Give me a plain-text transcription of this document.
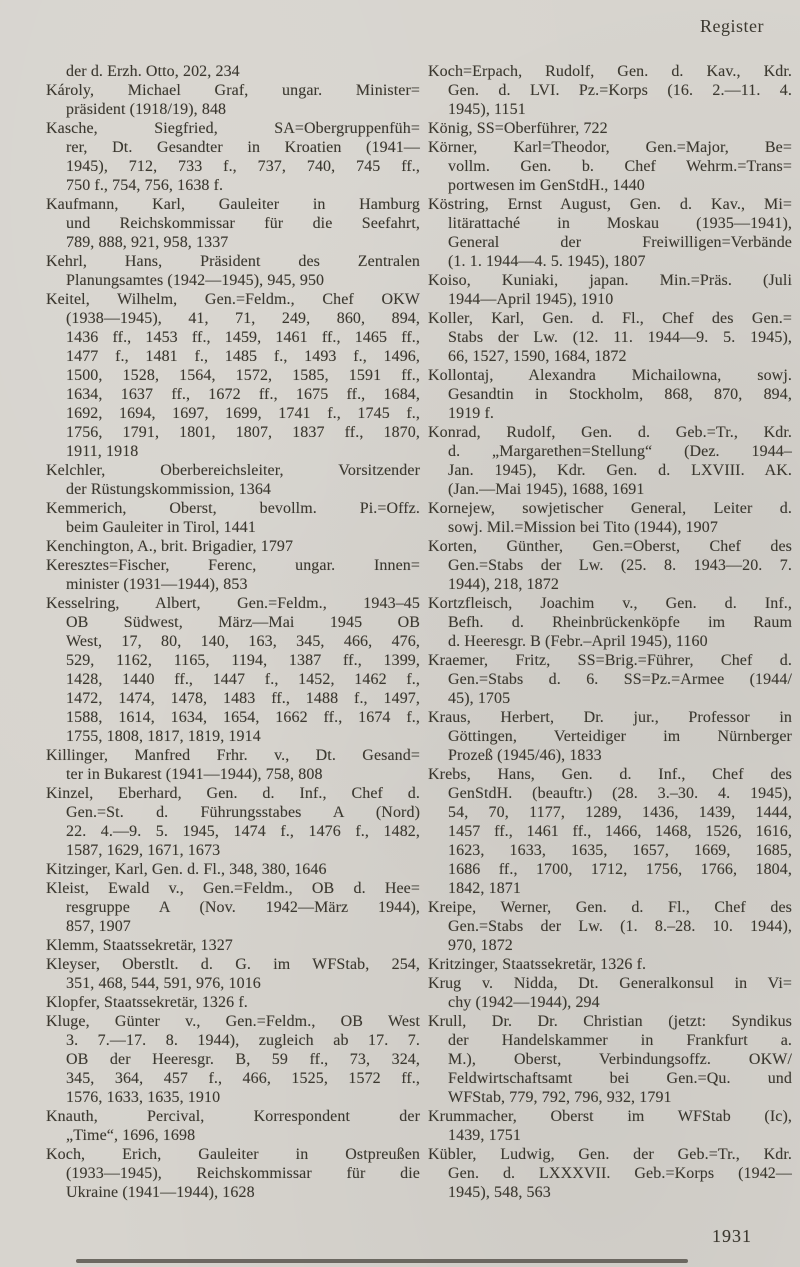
Register
der d. Erzh. Otto, 202, 234
Károly, Michael Graf, ungar. Minister=
präsident (1918/19), 848
Kasche, Siegfried, SA=Obergruppenfüh=
rer, Dt. Gesandter in Kroatien (1941—
1945), 712, 733 f., 737, 740, 745 ff.,
750 f., 754, 756, 1638 f.
Kaufmann, Karl, Gauleiter in Hamburg
und Reichskommissar für die Seefahrt,
789, 888, 921, 958, 1337
Kehrl, Hans, Präsident des Zentralen
Planungsamtes (1942—1945), 945, 950
Keitel, Wilhelm, Gen.=Feldm., Chef OKW
(1938—1945), 41, 71, 249, 860, 894,
1436 ff., 1453 ff., 1459, 1461 ff., 1465 ff.,
1477 f., 1481 f., 1485 f., 1493 f., 1496,
1500, 1528, 1564, 1572, 1585, 1591 ff.,
1634, 1637 ff., 1672 ff., 1675 ff., 1684,
1692, 1694, 1697, 1699, 1741 f., 1745 f.,
1756, 1791, 1801, 1807, 1837 ff., 1870,
1911, 1918
Kelchler, Oberbereichsleiter, Vorsitzender
der Rüstungskommission, 1364
Kemmerich, Oberst, bevollm. Pi.=Offz.
beim Gauleiter in Tirol, 1441
Kenchington, A., brit. Brigadier, 1797
Keresztes=Fischer, Ferenc, ungar. Innen=
minister (1931—1944), 853
Kesselring, Albert, Gen.=Feldm., 1943–45
OB Südwest, März—Mai 1945 OB
West, 17, 80, 140, 163, 345, 466, 476,
529, 1162, 1165, 1194, 1387 ff., 1399,
1428, 1440 ff., 1447 f., 1452, 1462 f.,
1472, 1474, 1478, 1483 ff., 1488 f., 1497,
1588, 1614, 1634, 1654, 1662 ff., 1674 f.,
1755, 1808, 1817, 1819, 1914
Killinger, Manfred Frhr. v., Dt. Gesand=
ter in Bukarest (1941—1944), 758, 808
Kinzel, Eberhard, Gen. d. Inf., Chef d.
Gen.=St. d. Führungsstabes A (Nord)
22. 4.—9. 5. 1945, 1474 f., 1476 f., 1482,
1587, 1629, 1671, 1673
Kitzinger, Karl, Gen. d. Fl., 348, 380, 1646
Kleist, Ewald v., Gen.=Feldm., OB d. Hee=
resgruppe A (Nov. 1942—März 1944),
857, 1907
Klemm, Staatssekretär, 1327
Kleyser, Oberstlt. d. G. im WFStab, 254,
351, 468, 544, 591, 976, 1016
Klopfer, Staatssekretär, 1326 f.
Kluge, Günter v., Gen.=Feldm., OB West
3. 7.—17. 8. 1944), zugleich ab 17. 7.
OB der Heeresgr. B, 59 ff., 73, 324,
345, 364, 457 f., 466, 1525, 1572 ff.,
1576, 1633, 1635, 1910
Knauth, Percival, Korrespondent der
„Time“, 1696, 1698
Koch, Erich, Gauleiter in Ostpreußen
(1933—1945), Reichskommissar für die
Ukraine (1941—1944), 1628
Koch=Erpach, Rudolf, Gen. d. Kav., Kdr.
Gen. d. LVI. Pz.=Korps (16. 2.—11. 4.
1945), 1151
König, SS=Oberführer, 722
Körner, Karl=Theodor, Gen.=Major, Be=
vollm. Gen. b. Chef Wehrm.=Trans=
portwesen im GenStdH., 1440
Köstring, Ernst August, Gen. d. Kav., Mi=
litärattaché in Moskau (1935—1941),
General der Freiwilligen=Verbände
(1. 1. 1944—4. 5. 1945), 1807
Koiso, Kuniaki, japan. Min.=Präs. (Juli
1944—April 1945), 1910
Koller, Karl, Gen. d. Fl., Chef des Gen.=
Stabs der Lw. (12. 11. 1944—9. 5. 1945),
66, 1527, 1590, 1684, 1872
Kollontaj, Alexandra Michailowna, sowj.
Gesandtin in Stockholm, 868, 870, 894,
1919 f.
Konrad, Rudolf, Gen. d. Geb.=Tr., Kdr.
d. „Margarethen=Stellung“ (Dez. 1944–
Jan. 1945), Kdr. Gen. d. LXVIII. AK.
(Jan.—Mai 1945), 1688, 1691
Kornejew, sowjetischer General, Leiter d.
sowj. Mil.=Mission bei Tito (1944), 1907
Korten, Günther, Gen.=Oberst, Chef des
Gen.=Stabs der Lw. (25. 8. 1943—20. 7.
1944), 218, 1872
Kortzfleisch, Joachim v., Gen. d. Inf.,
Befh. d. Rheinbrückenköpfe im Raum
d. Heeresgr. B (Febr.–April 1945), 1160
Kraemer, Fritz, SS=Brig.=Führer, Chef d.
Gen.=Stabs d. 6. SS=Pz.=Armee (1944/
45), 1705
Kraus, Herbert, Dr. jur., Professor in
Göttingen, Verteidiger im Nürnberger
Prozeß (1945/46), 1833
Krebs, Hans, Gen. d. Inf., Chef des
GenStdH. (beauftr.) (28. 3.–30. 4. 1945),
54, 70, 1177, 1289, 1436, 1439, 1444,
1457 ff., 1461 ff., 1466, 1468, 1526, 1616,
1623, 1633, 1635, 1657, 1669, 1685,
1686 ff., 1700, 1712, 1756, 1766, 1804,
1842, 1871
Kreipe, Werner, Gen. d. Fl., Chef des
Gen.=Stabs der Lw. (1. 8.–28. 10. 1944),
970, 1872
Kritzinger, Staatssekretär, 1326 f.
Krug v. Nidda, Dt. Generalkonsul in Vi=
chy (1942—1944), 294
Krull, Dr. Dr. Christian (jetzt: Syndikus
der Handelskammer in Frankfurt a.
M.), Oberst, Verbindungsoffz. OKW/
Feldwirtschaftsamt bei Gen.=Qu. und
WFStab, 779, 792, 796, 932, 1791
Krummacher, Oberst im WFStab (Ic),
1439, 1751
Kübler, Ludwig, Gen. der Geb.=Tr., Kdr.
Gen. d. LXXXVII. Geb.=Korps (1942—
1945), 548, 563
1931
